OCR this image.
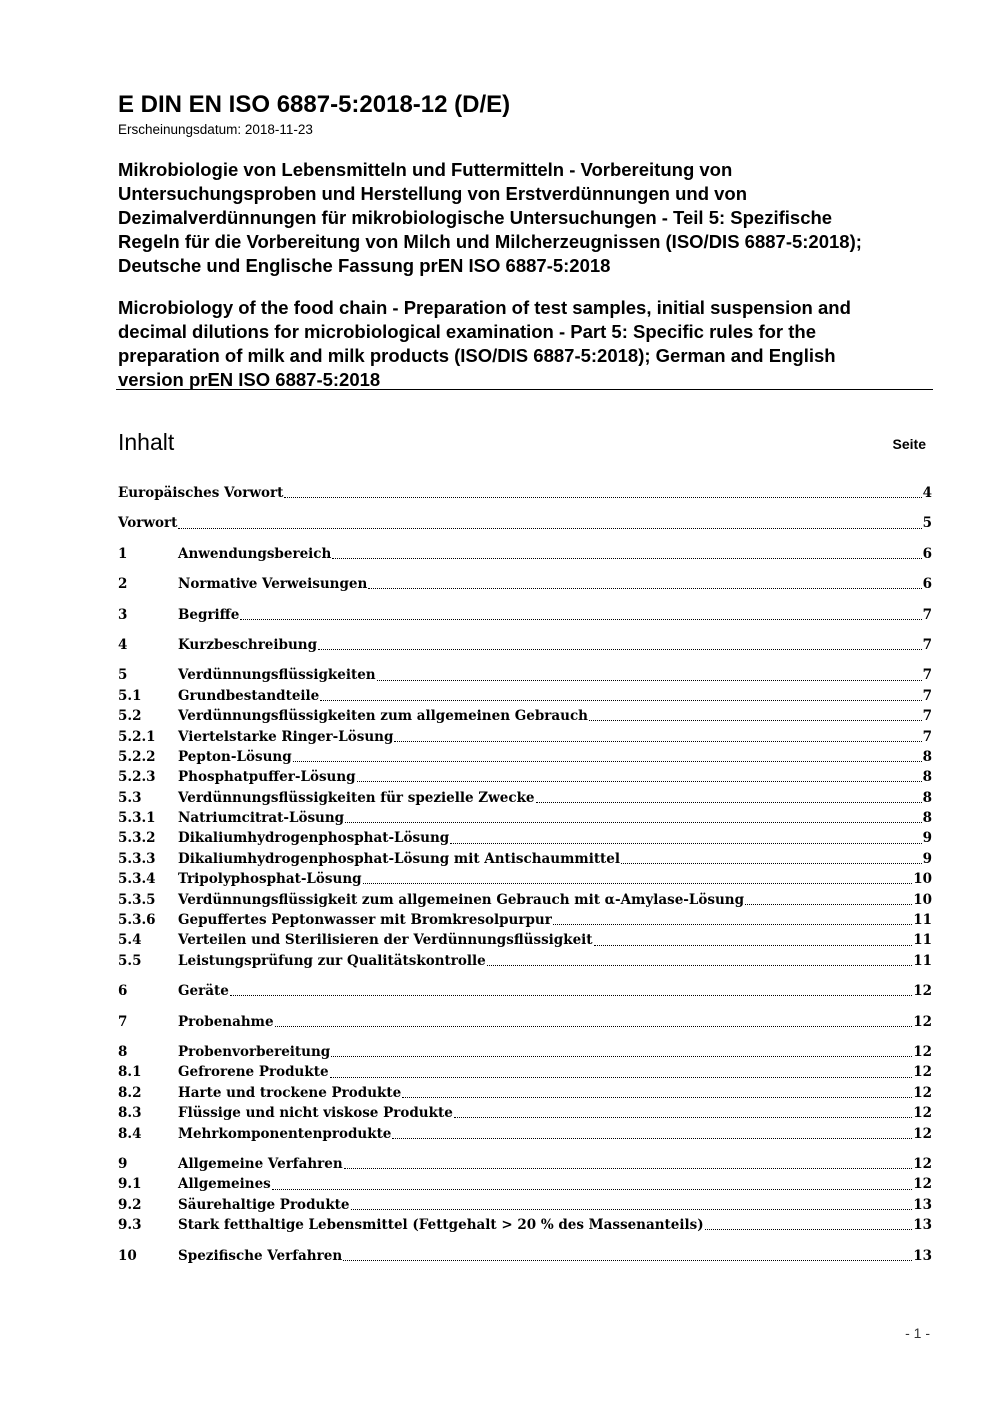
E DIN EN ISO 6887-5:2018-12 (D/E)
Erscheinungsdatum: 2018-11-23
Mikrobiologie von Lebensmitteln und Futtermitteln - Vorbereitung von
Untersuchungsproben und Herstellung von Erstverdünnungen und von
Dezimalverdünnungen für mikrobiologische Untersuchungen - Teil 5: Spezifische
Regeln für die Vorbereitung von Milch und Milcherzeugnissen (ISO/DIS 6887-5:2018);
Deutsche und Englische Fassung prEN ISO 6887-5:2018
Microbiology of the food chain - Preparation of test samples, initial suspension and
decimal dilutions for microbiological examination - Part 5: Specific rules for the
preparation of milk and milk products (ISO/DIS 6887-5:2018); German and English
version prEN ISO 6887-5:2018
Inhalt	Seite
Europäisches Vorwort	4
Vorwort	5
1	Anwendungsbereich	6
2	Normative Verweisungen	6
3	Begriffe	7
4	Kurzbeschreibung	7
5	Verdünnungsflüssigkeiten	7
5.1	Grundbestandteile	7
5.2	Verdünnungsflüssigkeiten zum allgemeinen Gebrauch	7
5.2.1	Viertelstarke Ringer-Lösung	7
5.2.2	Pepton-Lösung	8
5.2.3	Phosphatpuffer-Lösung	8
5.3	Verdünnungsflüssigkeiten für spezielle Zwecke	8
5.3.1	Natriumcitrat-Lösung	8
5.3.2	Dikaliumhydrogenphosphat-Lösung	9
5.3.3	Dikaliumhydrogenphosphat-Lösung mit Antischaummittel	9
5.3.4	Tripolyphosphat-Lösung	10
5.3.5	Verdünnungsflüssigkeit zum allgemeinen Gebrauch mit α-Amylase-Lösung	10
5.3.6	Gepuffertes Peptonwasser mit Bromkresolpurpur	11
5.4	Verteilen und Sterilisieren der Verdünnungsflüssigkeit	11
5.5	Leistungsprüfung zur Qualitätskontrolle	11
6	Geräte	12
7	Probenahme	12
8	Probenvorbereitung	12
8.1	Gefrorene Produkte	12
8.2	Harte und trockene Produkte	12
8.3	Flüssige und nicht viskose Produkte	12
8.4	Mehrkomponentenprodukte	12
9	Allgemeine Verfahren	12
9.1	Allgemeines	12
9.2	Säurehaltige Produkte	13
9.3	Stark fetthaltige Lebensmittel (Fettgehalt > 20 % des Massenanteils)	13
10	Spezifische Verfahren	13
- 1 -
